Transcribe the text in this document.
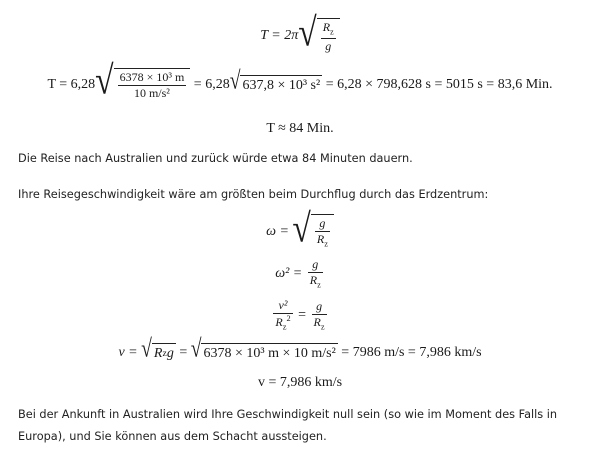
T = 2π √ $\frac{R_z}{g}$
T = 6,28 √ $\frac{\text{6378 × 10³ m}}{\text{10 m/s²}} = 6,28$ √ 637,8 × 10³ s² = 6,28 × 798,628 s = 5015 s = 83,6 Min.
T ≈ 84 Min.
Die Reise nach Australien und zurück würde etwa 84 Minuten dauern.
Ihre Reisegeschwindigkeit wäre am größten beim Durchflug durch das Erdzentrum:
ω = √ $\frac{g}{R_z}$
$\omega^2 = \frac{g}{R_z}$
$\frac{\text{v²}}{R_z^2} = \frac{g}{R_z}$
v = √ R z g = √ 6378 × 10³ m × 10 m/s² = 7986 m/s = 7,986 km/s
v = 7,986 km/s
Bei der Ankunft in Australien wird Ihre Geschwindigkeit null sein (so wie im Moment des Falls in Europa), und Sie können aus dem Schacht aussteigen.
